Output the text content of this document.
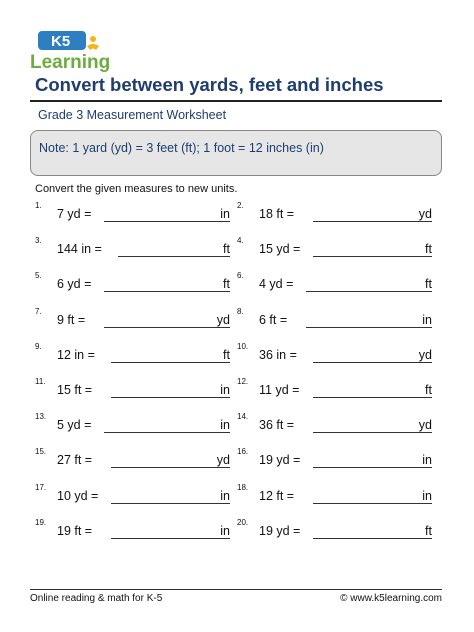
K5
Learning
Convert between yards, feet and inches
Grade 3 Measurement Worksheet
Note: 1 yard (yd) = 3 feet (ft); 1 foot = 12 inches (in)
Convert the given measures to new units.
1.
7 yd =	in
2.
18 ft =	yd
3.
144 in =	ft
4.
15 yd =	ft
5.
6 yd =	ft
6.
4 yd =	ft
7.
9 ft =	yd
8.
6 ft =	in
9.
12 in =	ft
10.
36 in =	yd
11.
15 ft =	in
12.
11 yd =	ft
13.
5 yd =	in
14.
36 ft =	yd
15.
27 ft =	yd
16.
19 yd =	in
17.
10 yd =	in
18.
12 ft =	in
19.
19 ft =	in
20.
19 yd =	ft
Online reading & math for K-5	© www.k5learning.com
